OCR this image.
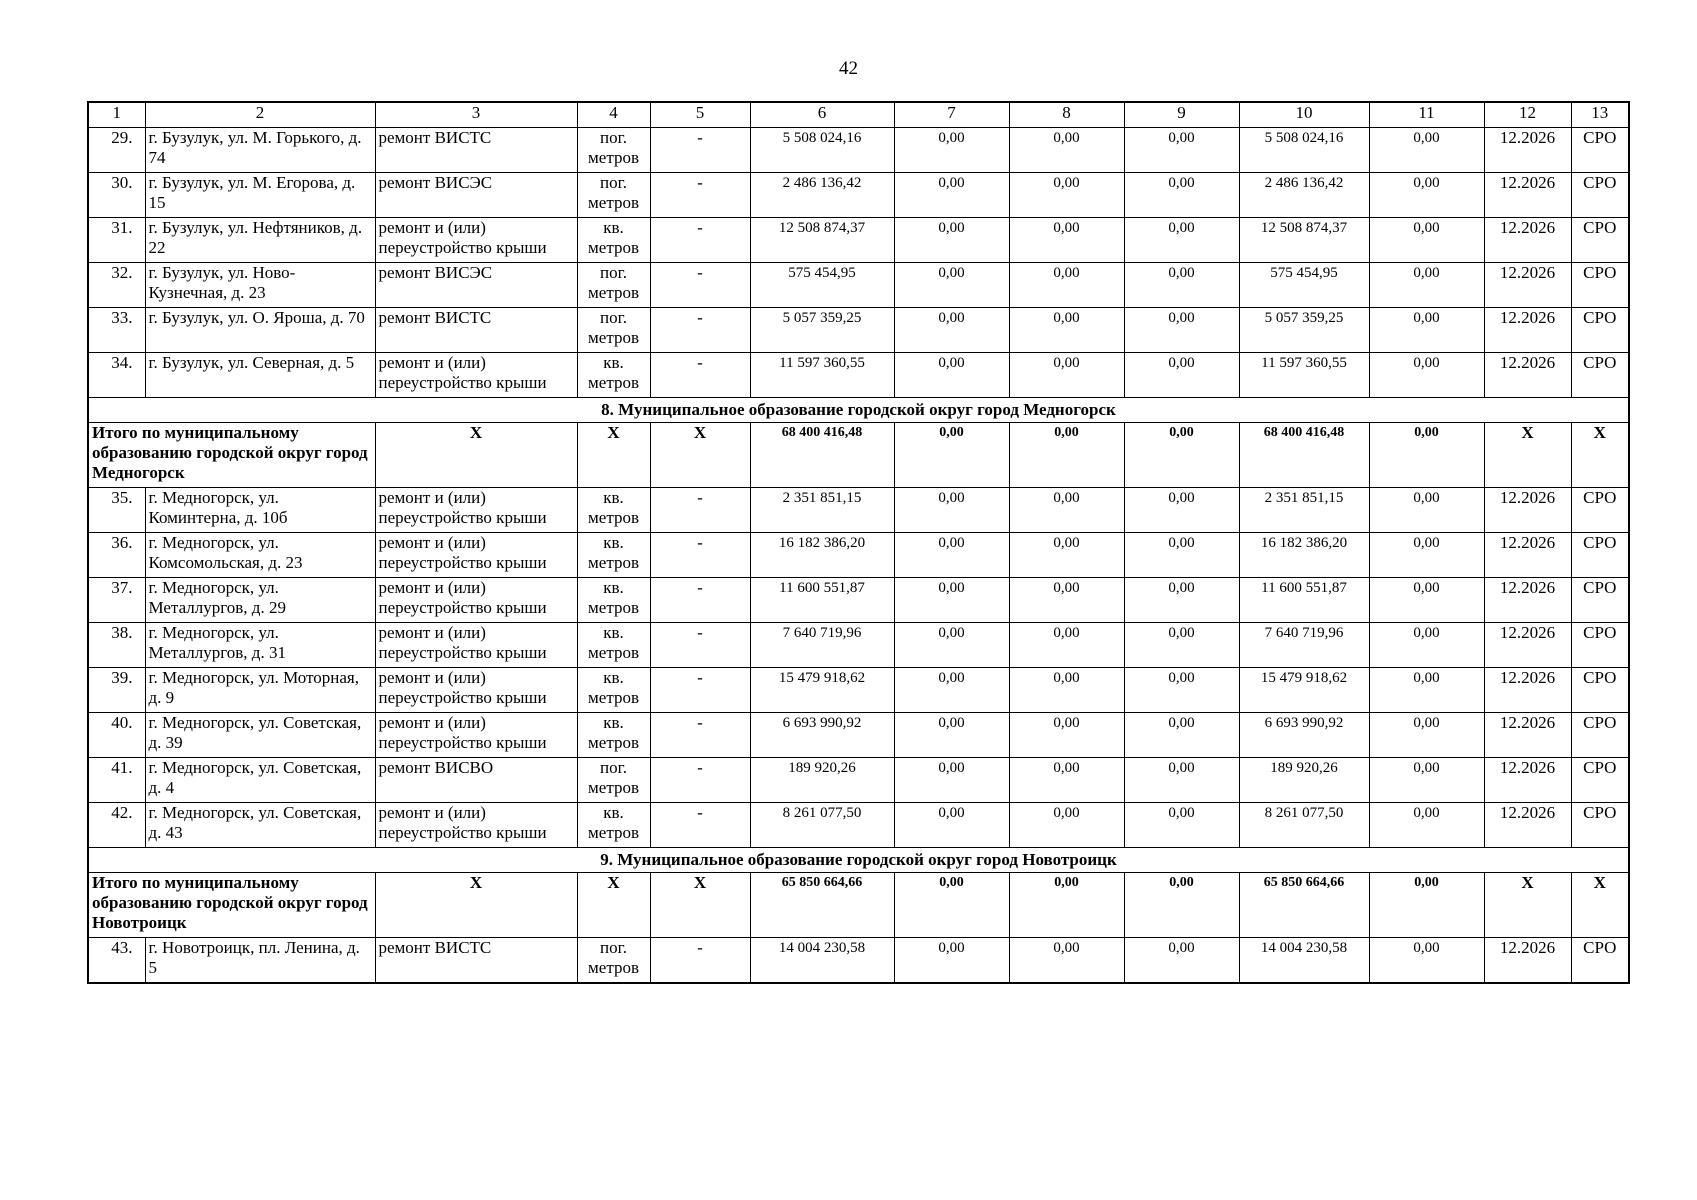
42
1	2	3	4	5	6	7	8	9	10	11	12	13
29.	г. Бузулук, ул. М. Горького, д. 74	ремонт ВИСТС	пог. метров	-	5 508 024,16	0,00	0,00	0,00	5 508 024,16	0,00	12.2026	СРО
30.	г. Бузулук, ул. М. Егорова, д. 15	ремонт ВИСЭС	пог. метров	-	2 486 136,42	0,00	0,00	0,00	2 486 136,42	0,00	12.2026	СРО
31.	г. Бузулук, ул. Нефтяников, д. 22	ремонт и (или) переустройство крыши	кв. метров	-	12 508 874,37	0,00	0,00	0,00	12 508 874,37	0,00	12.2026	СРО
32.	г. Бузулук, ул. Ново-Кузнечная, д. 23	ремонт ВИСЭС	пог. метров	-	575 454,95	0,00	0,00	0,00	575 454,95	0,00	12.2026	СРО
33.	г. Бузулук, ул. О. Яроша, д. 70	ремонт ВИСТС	пог. метров	-	5 057 359,25	0,00	0,00	0,00	5 057 359,25	0,00	12.2026	СРО
34.	г. Бузулук, ул. Северная, д. 5	ремонт и (или) переустройство крыши	кв. метров	-	11 597 360,55	0,00	0,00	0,00	11 597 360,55	0,00	12.2026	СРО
8. Муниципальное образование городской округ город Медногорск												
Итого по муниципальному образованию городской округ город Медногорск		X	X	X	68 400 416,48	0,00	0,00	0,00	68 400 416,48	0,00	X	X
35.	г. Медногорск, ул. Коминтерна, д. 10б	ремонт и (или) переустройство крыши	кв. метров	-	2 351 851,15	0,00	0,00	0,00	2 351 851,15	0,00	12.2026	СРО
36.	г. Медногорск, ул. Комсомольская, д. 23	ремонт и (или) переустройство крыши	кв. метров	-	16 182 386,20	0,00	0,00	0,00	16 182 386,20	0,00	12.2026	СРО
37.	г. Медногорск, ул. Металлургов, д. 29	ремонт и (или) переустройство крыши	кв. метров	-	11 600 551,87	0,00	0,00	0,00	11 600 551,87	0,00	12.2026	СРО
38.	г. Медногорск, ул. Металлургов, д. 31	ремонт и (или) переустройство крыши	кв. метров	-	7 640 719,96	0,00	0,00	0,00	7 640 719,96	0,00	12.2026	СРО
39.	г. Медногорск, ул. Моторная, д. 9	ремонт и (или) переустройство крыши	кв. метров	-	15 479 918,62	0,00	0,00	0,00	15 479 918,62	0,00	12.2026	СРО
40.	г. Медногорск, ул. Советская, д. 39	ремонт и (или) переустройство крыши	кв. метров	-	6 693 990,92	0,00	0,00	0,00	6 693 990,92	0,00	12.2026	СРО
41.	г. Медногорск, ул. Советская, д. 4	ремонт ВИСВО	пог. метров	-	189 920,26	0,00	0,00	0,00	189 920,26	0,00	12.2026	СРО
42.	г. Медногорск, ул. Советская, д. 43	ремонт и (или) переустройство крыши	кв. метров	-	8 261 077,50	0,00	0,00	0,00	8 261 077,50	0,00	12.2026	СРО
9. Муниципальное образование городской округ город Новотроицк												
Итого по муниципальному образованию городской округ город Новотроицк		X	X	X	65 850 664,66	0,00	0,00	0,00	65 850 664,66	0,00	X	X
43.	г. Новотроицк, пл. Ленина, д. 5	ремонт ВИСТС	пог. метров	-	14 004 230,58	0,00	0,00	0,00	14 004 230,58	0,00	12.2026	СРО
